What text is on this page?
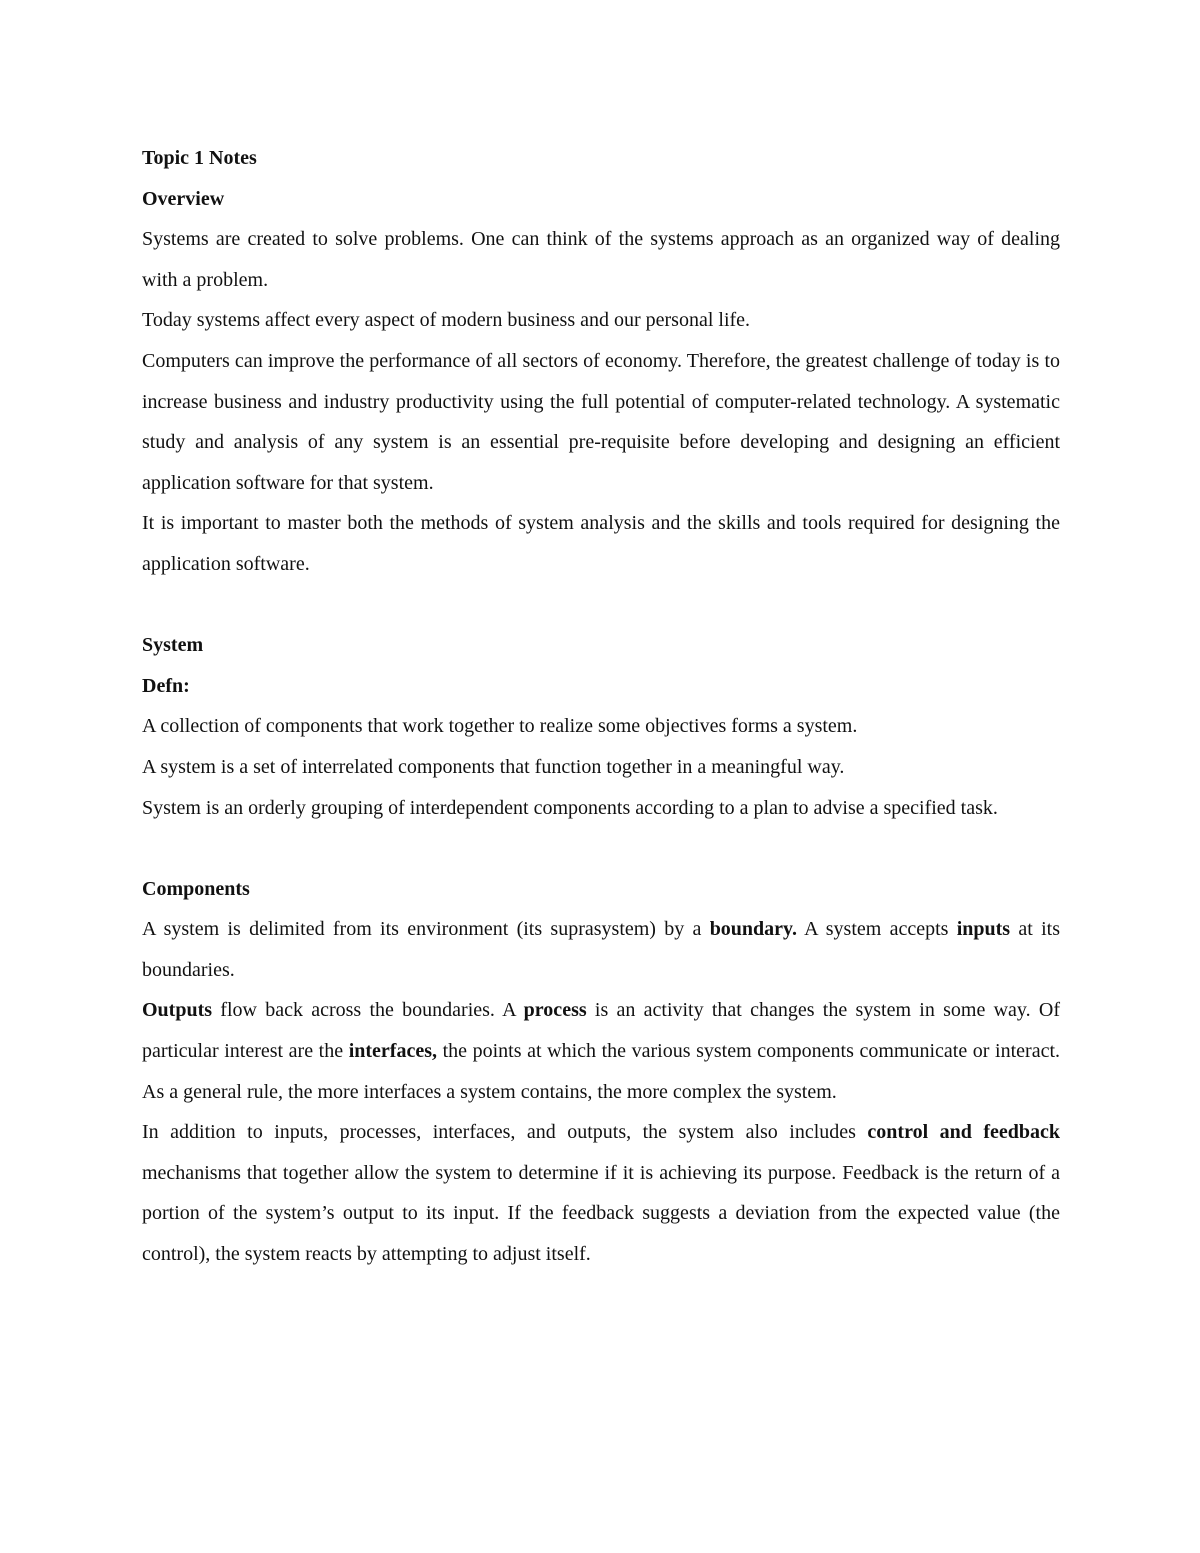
Topic 1 Notes

Overview

Systems are created to solve problems. One can think of the systems approach as an organized way of dealing with a problem.

Today systems affect every aspect of modern business and our personal life.

Computers can improve the performance of all sectors of economy. Therefore, the greatest challenge of today is to increase business and industry productivity using the full potential of computer-related technology. A systematic study and analysis of any system is an essential pre-requisite before developing and designing an efficient application software for that system.

It is important to master both the methods of system analysis and the skills and tools required for designing the application software.

System

Defn:

A collection of components that work together to realize some objectives forms a system.

A system is a set of interrelated components that function together in a meaningful way.

System is an orderly grouping of interdependent components according to a plan to advise a specified task.

Components

A system is delimited from its environment (its suprasystem) by a boundary. A system accepts inputs at its boundaries.

Outputs flow back across the boundaries. A process is an activity that changes the system in some way. Of particular interest are the interfaces, the points at which the various system components communicate or interact. As a general rule, the more interfaces a system contains, the more complex the system.

In addition to inputs, processes, interfaces, and outputs, the system also includes control and feedback mechanisms that together allow the system to determine if it is achieving its purpose. Feedback is the return of a portion of the system’s output to its input. If the feedback suggests a deviation from the expected value (the control), the system reacts by attempting to adjust itself.
